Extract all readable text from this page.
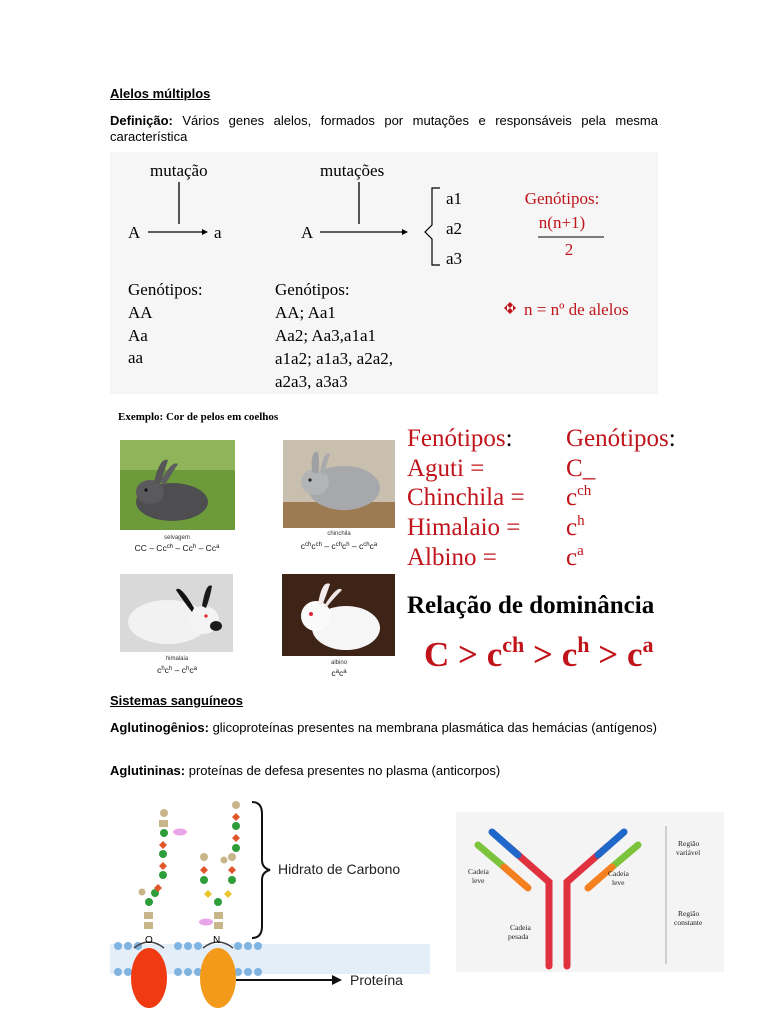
Alelos múltiplos
Definição: Vários genes alelos, formados por mutações e responsáveis pela mesma característica
mutação
A	a
mutações
A
a1
a2
a3
Genótipos:
n(n+1)
2
n = nº de alelos
Genótipos:
AA
Aa
aa
Genótipos:
AA; Aa1
Aa2; Aa3,a1a1
a1a2; a1a3, a2a2,
a2a3, a3a3
Exemplo: Cor de pelos em coelhos
selvagem
CC – $Cc^{ch} - Cc^h - Cc^a$
chinchila
$c^{ch}c^{ch} - c^{ch}c^h - c^{ch}c^a$
himalaia
$c^hc^h - c^hc^a$
albino
$c^ac^a$
Fenótipos: Genótipos:
Aguti =	C_
Chinchila = $c^{ch}$
Himalaio = $c^h$
Albino =	$c^a$
Relação de dominância
$C > c^{ch} > c^h > c^a$
Sistemas sanguíneos
Aglutinogênios: glicoproteínas presentes na membrana plasmática das hemácias (antígenos)
Aglutininas: proteínas de defesa presentes no plasma (anticorpos)
O	N
Hidrato de Carbono
Proteína
Cadeia leve
Cadeia leve
Cadeia pesada
Região variável
Região constante
